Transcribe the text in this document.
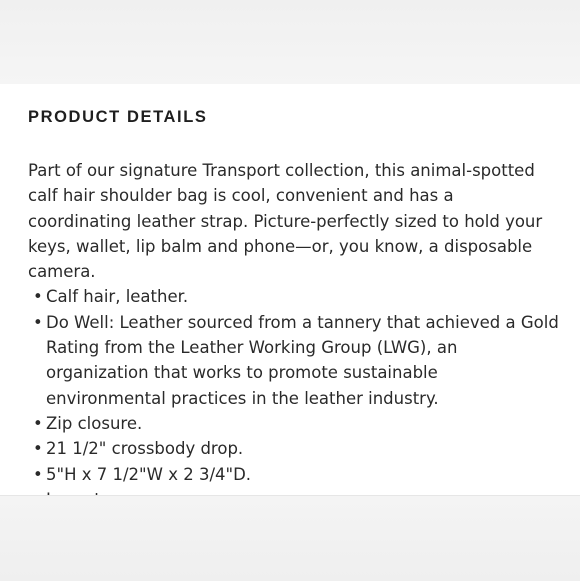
PRODUCT DETAILS

Part of our signature Transport collection, this animal-spotted calf hair shoulder bag is cool, convenient and has a coordinating leather strap. Picture-perfectly sized to hold your keys, wallet, lip balm and phone—or, you know, a disposable camera.

• Calf hair, leather.
• Do Well: Leather sourced from a tannery that achieved a Gold Rating from the Leather Working Group (LWG), an organization that works to promote sustainable environmental practices in the leather industry.
• Zip closure.
• 21 1/2" crossbody drop.
• 5"H x 7 1/2"W x 2 3/4"D.
